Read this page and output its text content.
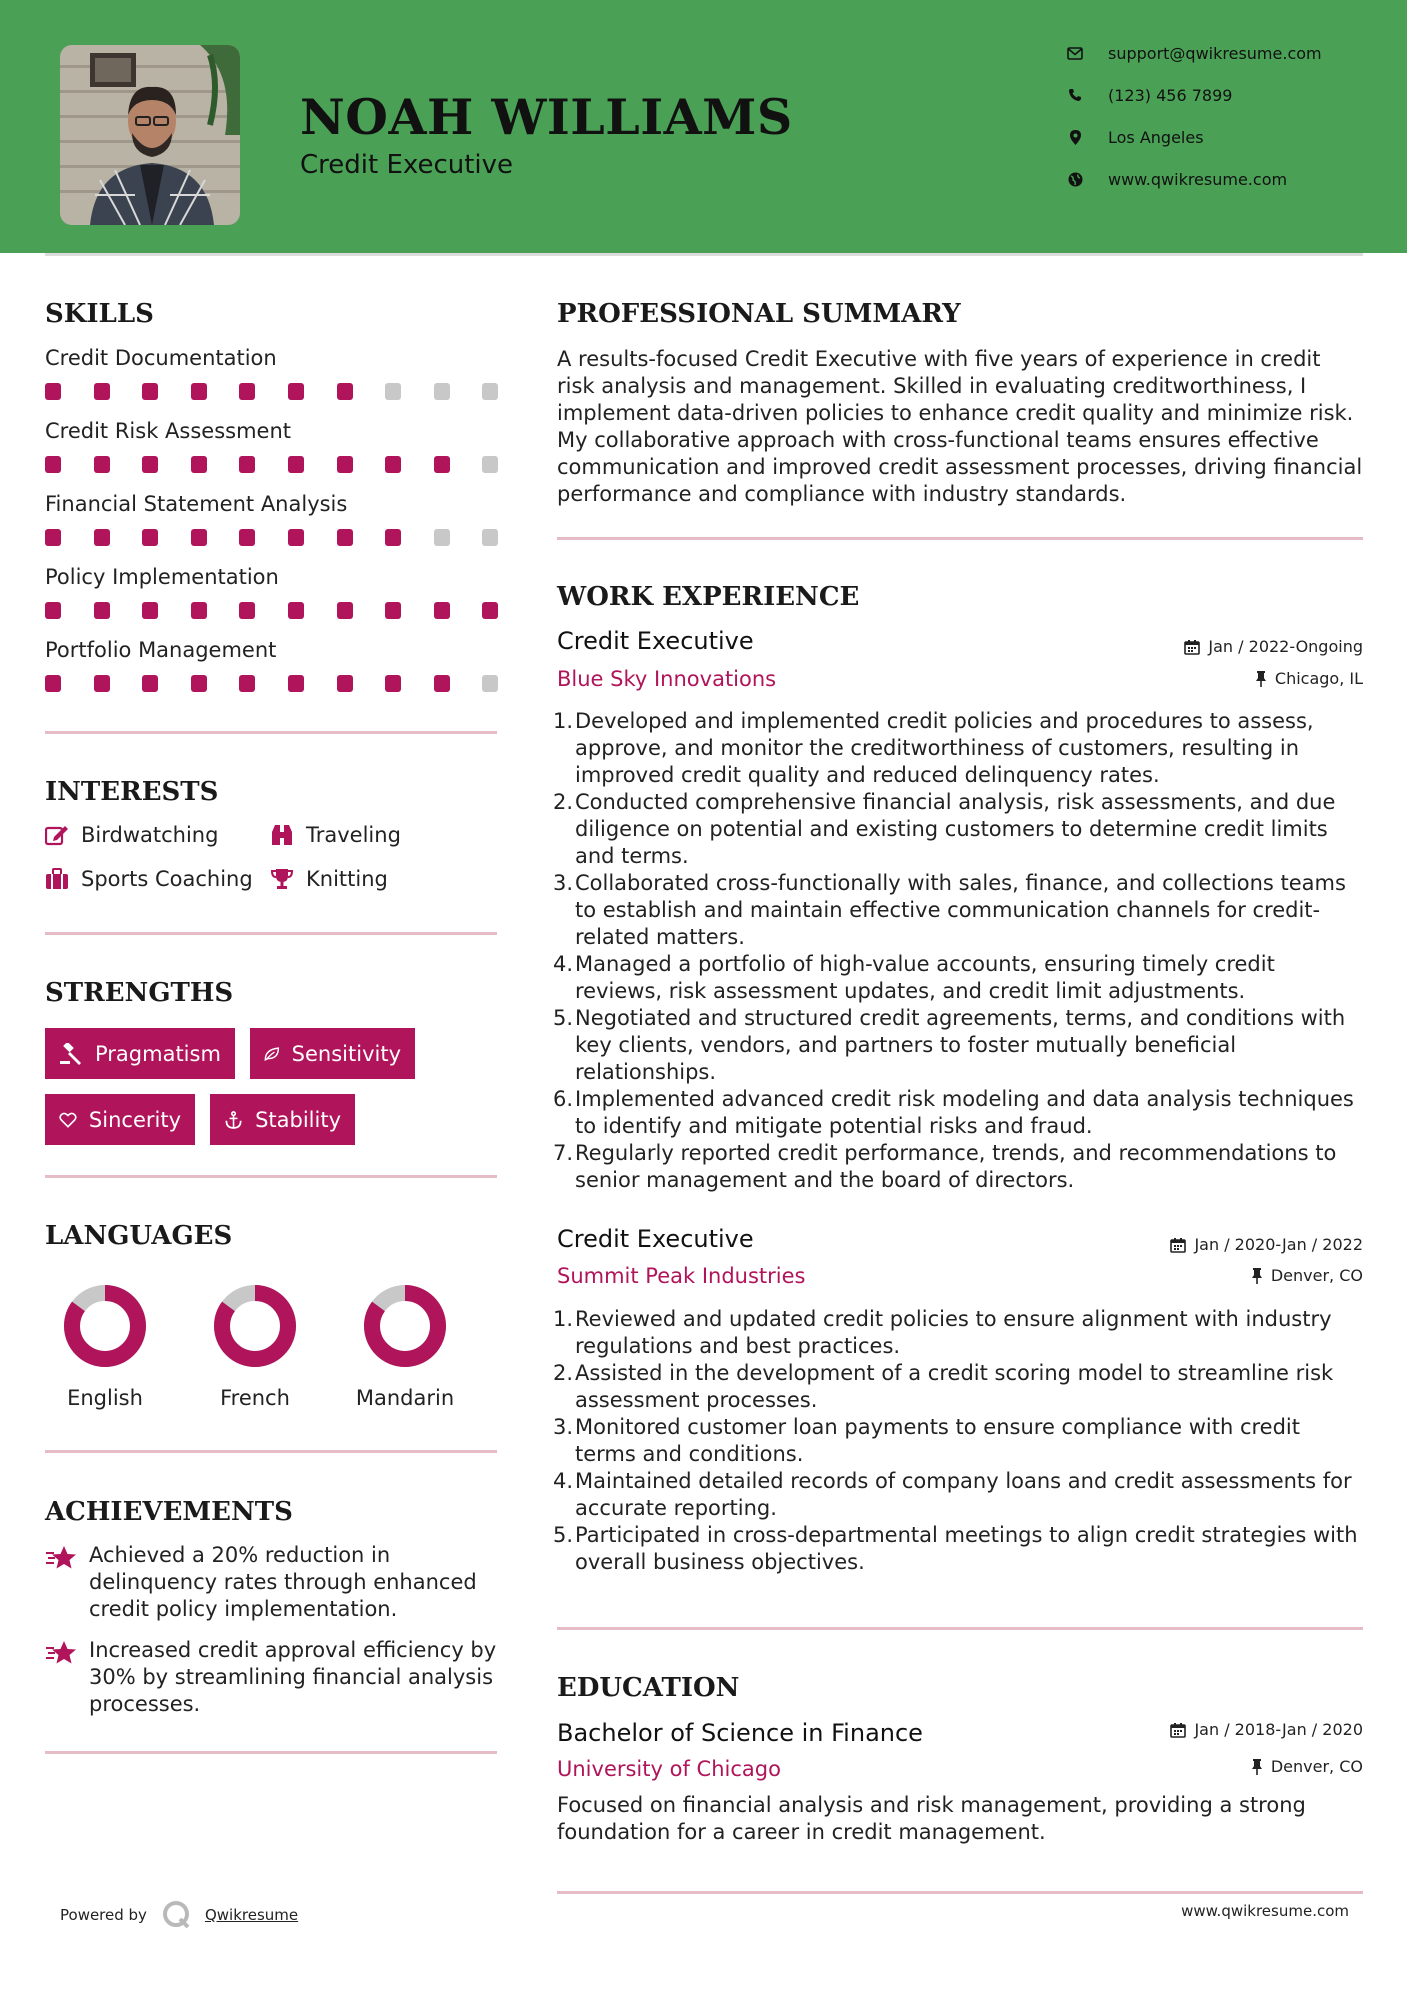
NOAH WILLIAMS
Credit Executive
support@qwikresume.com
(123) 456 7899
Los Angeles
www.qwikresume.com
SKILLS
Credit Documentation
Credit Risk Assessment
Financial Statement Analysis
Policy Implementation
Portfolio Management
INTERESTS
Birdwatching	Traveling
Sports Coaching	Knitting
STRENGTHS
Pragmatism	Sensitivity
Sincerity	Stability
LANGUAGES
English	French	Mandarin
ACHIEVEMENTS
Achieved a 20% reduction in delinquency rates through enhanced credit policy implementation.
Increased credit approval efficiency by 30% by streamlining financial analysis processes.
PROFESSIONAL SUMMARY
A results-focused Credit Executive with five years of experience in credit risk analysis and management. Skilled in evaluating creditworthiness, I implement data-driven policies to enhance credit quality and minimize risk. My collaborative approach with cross-functional teams ensures effective communication and improved credit assessment processes, driving financial performance and compliance with industry standards.
WORK EXPERIENCE
Credit Executive	Jan / 2022-Ongoing
Blue Sky Innovations	Chicago, IL
1. Developed and implemented credit policies and procedures to assess, approve, and monitor the creditworthiness of customers, resulting in improved credit quality and reduced delinquency rates.
2. Conducted comprehensive financial analysis, risk assessments, and due diligence on potential and existing customers to determine credit limits and terms.
3. Collaborated cross-functionally with sales, finance, and collections teams to establish and maintain effective communication channels for credit-related matters.
4. Managed a portfolio of high-value accounts, ensuring timely credit reviews, risk assessment updates, and credit limit adjustments.
5. Negotiated and structured credit agreements, terms, and conditions with key clients, vendors, and partners to foster mutually beneficial relationships.
6. Implemented advanced credit risk modeling and data analysis techniques to identify and mitigate potential risks and fraud.
7. Regularly reported credit performance, trends, and recommendations to senior management and the board of directors.
Credit Executive	Jan / 2020-Jan / 2022
Summit Peak Industries	Denver, CO
1. Reviewed and updated credit policies to ensure alignment with industry regulations and best practices.
2. Assisted in the development of a credit scoring model to streamline risk assessment processes.
3. Monitored customer loan payments to ensure compliance with credit terms and conditions.
4. Maintained detailed records of company loans and credit assessments for accurate reporting.
5. Participated in cross-departmental meetings to align credit strategies with overall business objectives.
EDUCATION
Bachelor of Science in Finance	Jan / 2018-Jan / 2020
University of Chicago	Denver, CO
Focused on financial analysis and risk management, providing a strong foundation for a career in credit management.
Powered by	Qwikresume	www.qwikresume.com
